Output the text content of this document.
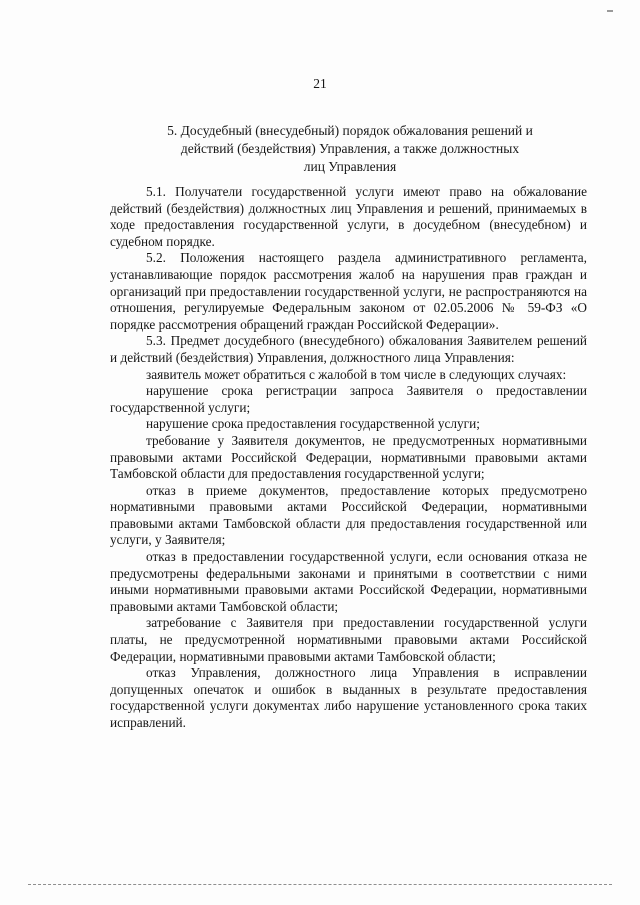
21
5. Досудебный (внесудебный) порядок обжалования решений и
действий (бездействия) Управления, а также должностных
лиц Управления

5.1. Получатели государственной услуги имеют право на обжалование действий (бездействия) должностных лиц Управления и решений, принимаемых в ходе предоставления государственной услуги, в досудебном (внесудебном) и судебном порядке.

5.2. Положения настоящего раздела административного регламента, устанавливающие порядок рассмотрения жалоб на нарушения прав граждан и организаций при предоставлении государственной услуги, не распространяются на отношения, регулируемые Федеральным законом от 02.05.2006 № 59-ФЗ «О порядке рассмотрения обращений граждан Российской Федерации».

5.3. Предмет досудебного (внесудебного) обжалования Заявителем решений и действий (бездействия) Управления, должностного лица Управления:

заявитель может обратиться с жалобой в том числе в следующих случаях:

нарушение срока регистрации запроса Заявителя о предоставлении государственной услуги;

нарушение срока предоставления государственной услуги;

требование у Заявителя документов, не предусмотренных нормативными правовыми актами Российской Федерации, нормативными правовыми актами Тамбовской области для предоставления государственной услуги;

отказ в приеме документов, предоставление которых предусмотрено нормативными правовыми актами Российской Федерации, нормативными правовыми актами Тамбовской области для предоставления государственной или услуги, у Заявителя;

отказ в предоставлении государственной услуги, если основания отказа не предусмотрены федеральными законами и принятыми в соответствии с ними иными нормативными правовыми актами Российской Федерации, нормативными правовыми актами Тамбовской области;

затребование с Заявителя при предоставлении государственной услуги платы, не предусмотренной нормативными правовыми актами Российской Федерации, нормативными правовыми актами Тамбовской области;

отказ Управления, должностного лица Управления в исправлении допущенных опечаток и ошибок в выданных в результате предоставления государственной услуги документах либо нарушение установленного срока таких исправлений.
